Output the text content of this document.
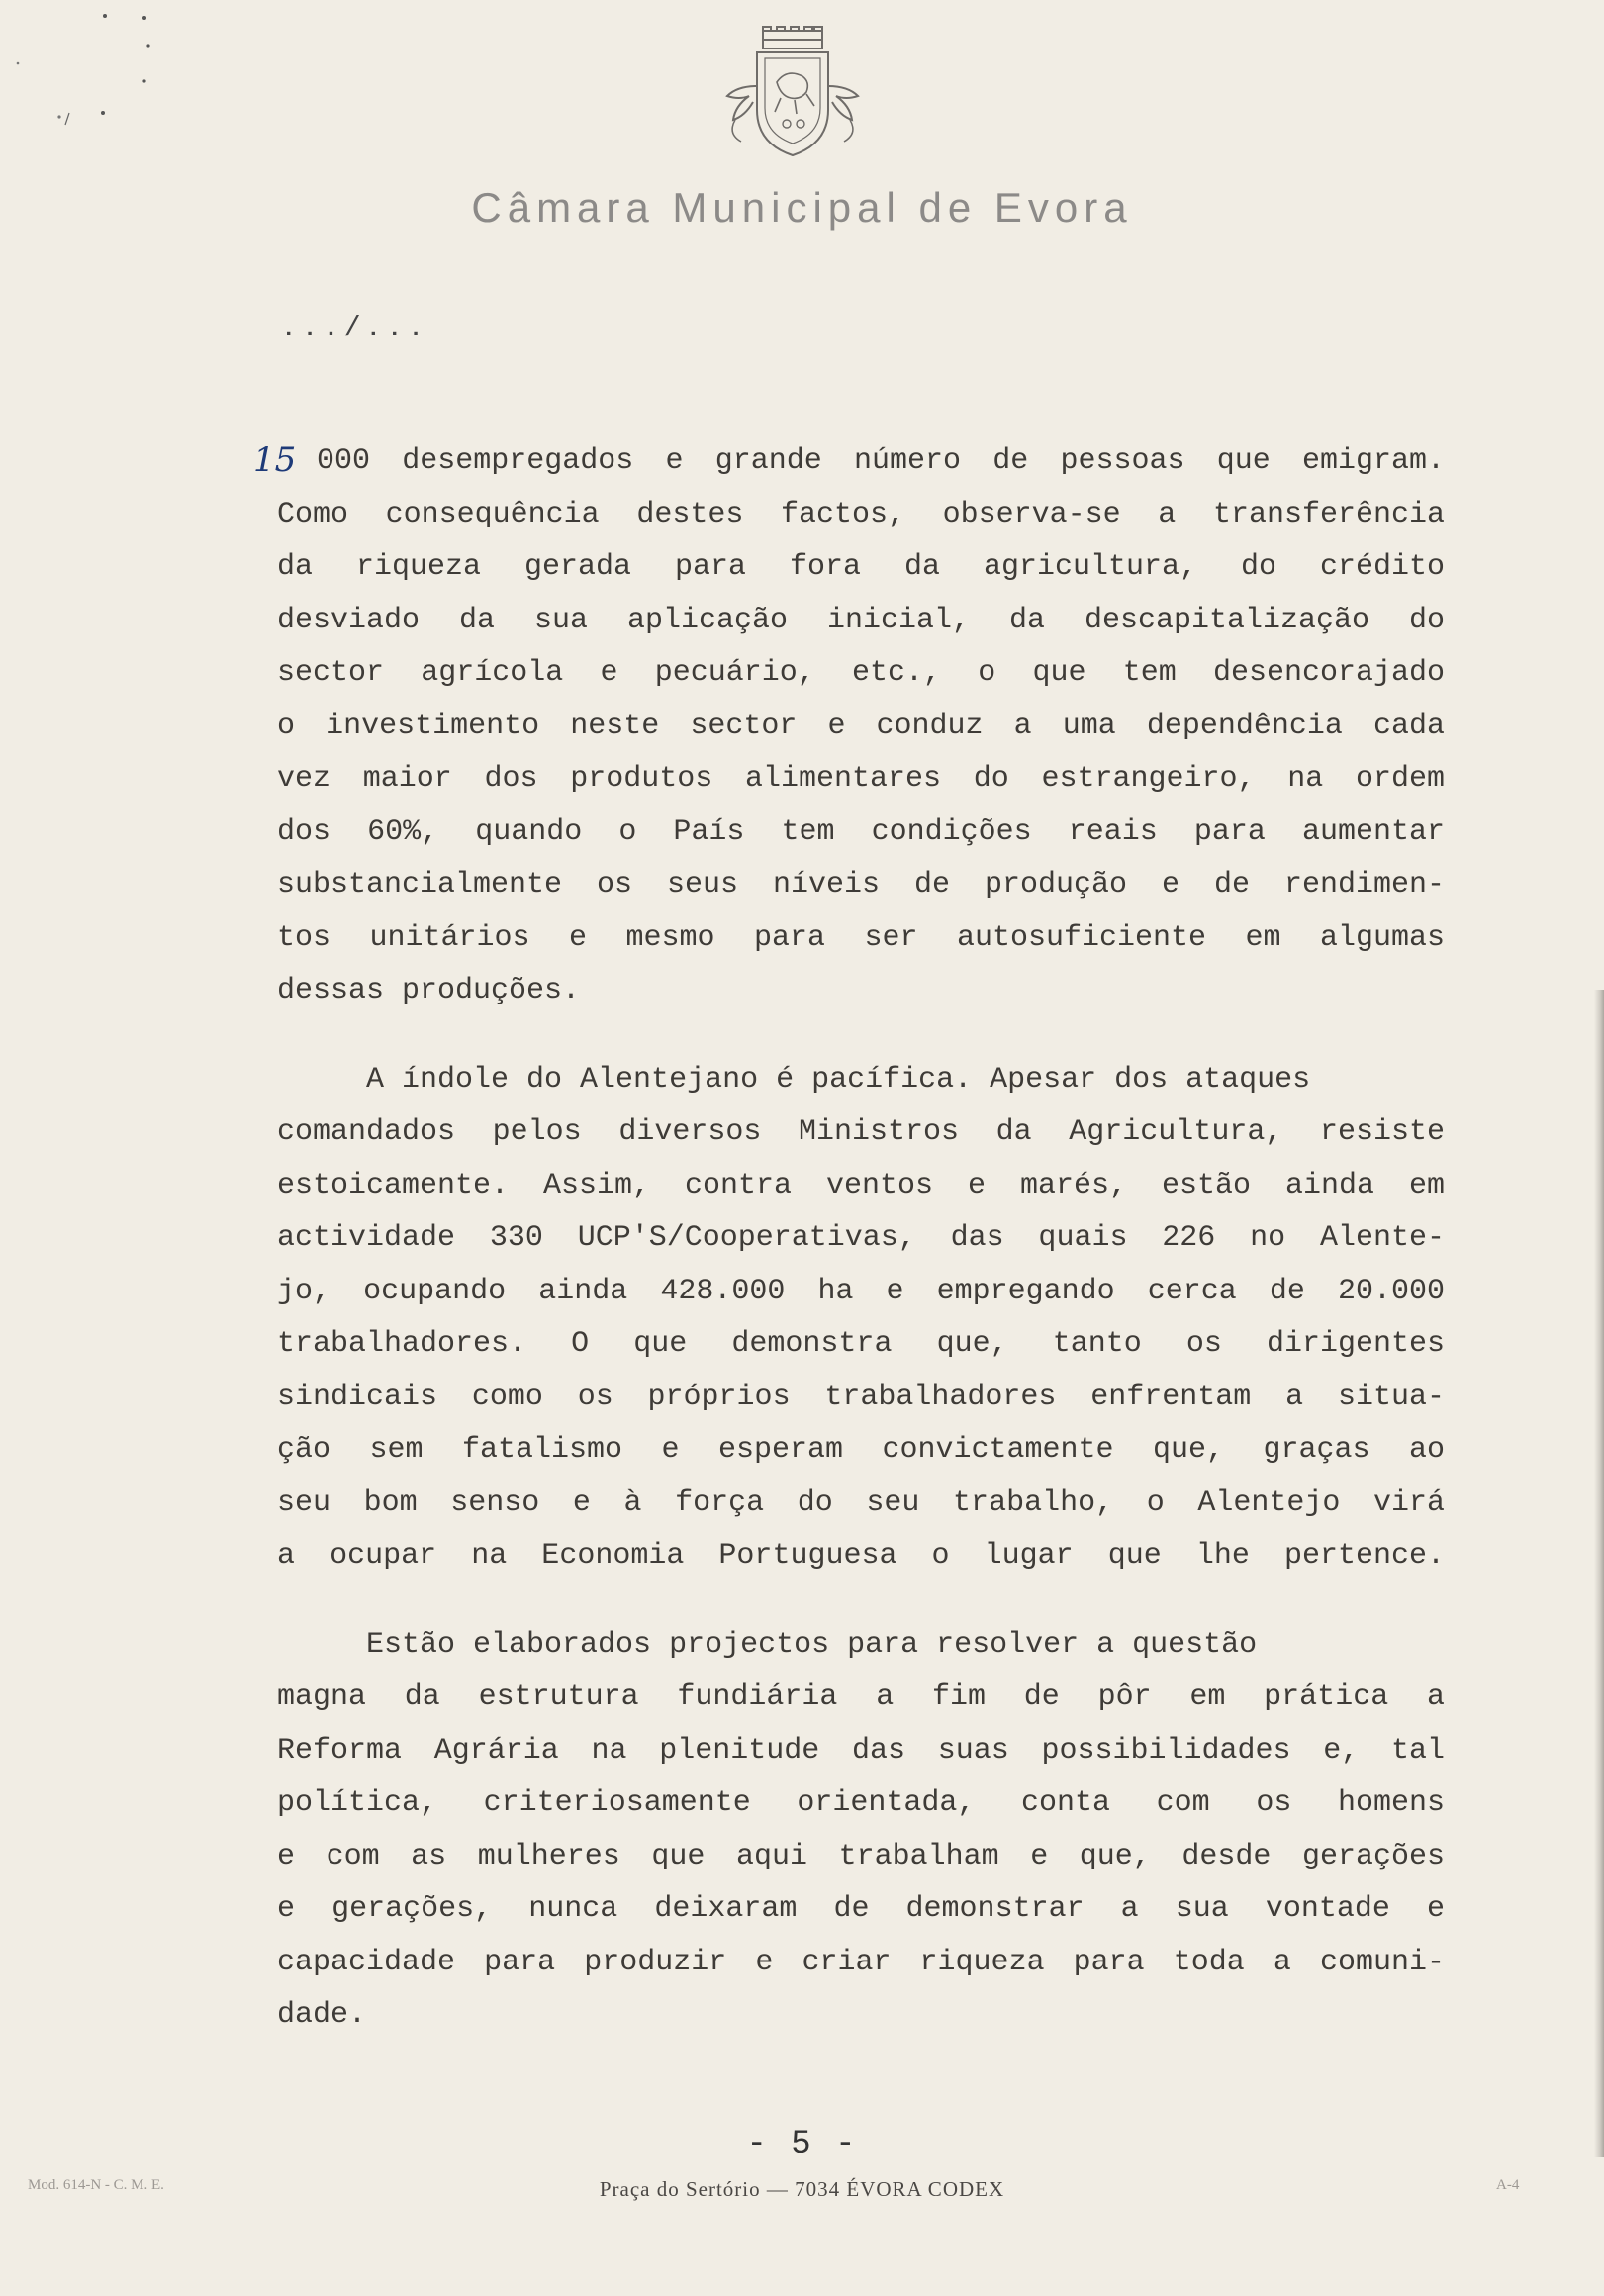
Câmara Municipal de Evora
.../...
15 000 desempregados e grande número de pessoas que emigram.
Como consequência destes factos, observa-se a transferência
da riqueza gerada para fora da agricultura, do crédito
desviado da sua aplicação inicial, da descapitalização do
sector agrícola e pecuário, etc., o que tem desencorajado
o investimento neste sector e conduz a uma dependência cada
vez maior dos produtos alimentares do estrangeiro, na ordem
dos 60%, quando o País tem condições reais para aumentar
substancialmente os seus níveis de produção e de rendimen-
tos unitários e mesmo para ser autosuficiente em algumas
dessas produções.
A índole do Alentejano é pacífica. Apesar dos ataques
comandados pelos diversos Ministros da Agricultura, resiste
estoicamente. Assim, contra ventos e marés, estão ainda em
actividade 330 UCP'S/Cooperativas, das quais 226 no Alente-
jo, ocupando ainda 428.000 ha e empregando cerca de 20.000
trabalhadores. O que demonstra que, tanto os dirigentes
sindicais como os próprios trabalhadores enfrentam a situa-
ção sem fatalismo e esperam convictamente que, graças ao
seu bom senso e à força do seu trabalho, o Alentejo virá
a ocupar na Economia Portuguesa o lugar que lhe pertence.
Estão elaborados projectos para resolver a questão
magna da estrutura fundiária a fim de pôr em prática a
Reforma Agrária na plenitude das suas possibilidades e, tal
política, criteriosamente orientada, conta com os homens
e com as mulheres que aqui trabalham e que, desde gerações
e gerações, nunca deixaram de demonstrar a sua vontade e
capacidade para produzir e criar riqueza para toda a comuni-
dade.
- 5 -
Mod. 614-N - C. M. E.	Praça do Sertório — 7034 ÉVORA CODEX	A-4
